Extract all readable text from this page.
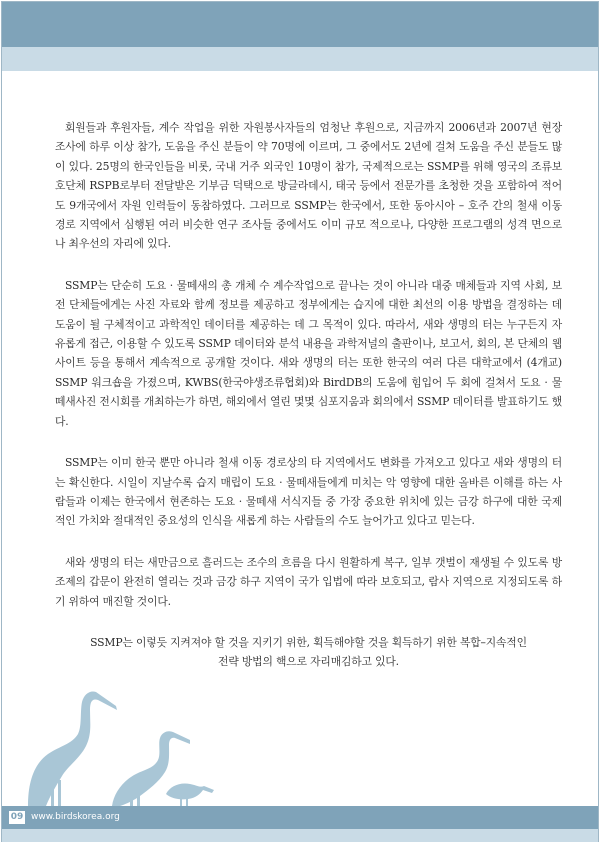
회원들과 후원자들, 계수 작업을 위한 자원봉사자들의 엄청난 후원으로, 지금까지 2006년과 2007년 현장조사에 하루 이상 참가, 도움을 주신 분들이 약 70명에 이르며, 그 중에서도 2년에 걸쳐 도움을 주신 분들도 많이 있다. 25명의 한국인들을 비롯, 국내 거주 외국인 10명이 참가, 국제적으로는 SSMP를 위해 영국의 조류보호단체 RSPB로부터 전달받은 기부금 덕택으로 방글라데시, 태국 등에서 전문가를 초청한 것을 포함하여 적어도 9개국에서 자원 인력들이 동참하였다. 그러므로 SSMP는 한국에서, 또한 동아시아 – 호주 간의 철새 이동 경로 지역에서 심행된 여러 비슷한 연구 조사들 중에서도 이미 규모 적으로나, 다양한 프로그램의 성격 면으로나 최우선의 자리에 있다.

SSMP는 단순히 도요 · 물떼새의 총 개체 수 계수작업으로 끝나는 것이 아니라 대중 매체들과 지역 사회, 보전 단체들에게는 사진 자료와 함께 정보를 제공하고 정부에게는 습지에 대한 최선의 이용 방법을 결정하는 데 도움이 될 구체적이고 과학적인 데이터를 제공하는 데 그 목적이 있다. 따라서, 새와 생명의 터는 누구든지 자유롭게 접근, 이용할 수 있도록 SSMP 데이터와 분석 내용을 과학저널의 출판이나, 보고서, 회의, 본 단체의 웹사이트 등을 통해서 계속적으로 공개할 것이다. 새와 생명의 터는 또한 한국의 여러 다른 대학교에서 (4개교) SSMP 워크숍을 가졌으며, KWBS(한국야생조류협회)와 BirdDB의 도움에 힘입어 두 회에 걸쳐서 도요 · 물떼새사진 전시회를 개최하는가 하면, 해외에서 열린 몇몇 심포지움과 회의에서 SSMP 데이터를 발표하기도 했다.

SSMP는 이미 한국 뿐만 아니라 철새 이동 경로상의 타 지역에서도 변화를 가져오고 있다고 새와 생명의 터는 확신한다. 시일이 지날수록 습지 매립이 도요 · 물떼새들에게 미치는 악 영향에 대한 올바른 이해를 하는 사람들과 이제는 한국에서 현존하는 도요 · 물떼새 서식지들 중 가장 중요한 위치에 있는 금강 하구에 대한 국제적인 가치와 절대적인 중요성의 인식을 새롭게 하는 사람들의 수도 늘어가고 있다고 믿는다.

새와 생명의 터는 새만금으로 흘러드는 조수의 흐름을 다시 원활하게 복구, 일부 갯벌이 재생될 수 있도록 방조제의 갑문이 완전히 열리는 것과 금강 하구 지역이 국가 입법에 따라 보호되고, 람사 지역으로 지정되도록 하기 위하여 매진할 것이다.

SSMP는 이렇듯 지켜져야 할 것을 지키기 위한, 획득해야할 것을 획득하기 위한 복합–지속적인
전략 방법의 핵으로 자리매김하고 있다.

09 www.birdskorea.org
